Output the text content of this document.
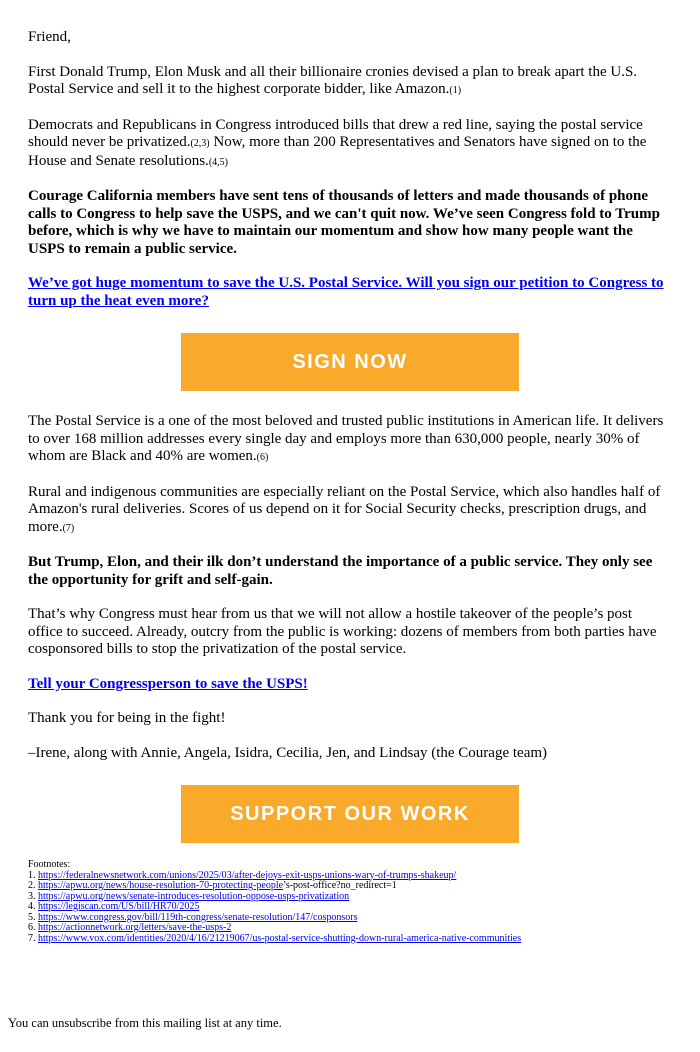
Friend,

First Donald Trump, Elon Musk and all their billionaire cronies devised a plan to break apart the U.S. Postal Service and sell it to the highest corporate bidder, like Amazon.(1)

Democrats and Republicans in Congress introduced bills that drew a red line, saying the postal service should never be privatized.(2,3) Now, more than 200 Representatives and Senators have signed on to the House and Senate resolutions.(4,5)

Courage California members have sent tens of thousands of letters and made thousands of phone calls to Congress to help save the USPS, and we can't quit now. We’ve seen Congress fold to Trump before, which is why we have to maintain our momentum and show how many people want the USPS to remain a public service.

We’ve got huge momentum to save the U.S. Postal Service. Will you sign our petition to Congress to turn up the heat even more?

SIGN NOW

The Postal Service is a one of the most beloved and trusted public institutions in American life. It delivers to over 168 million addresses every single day and employs more than 630,000 people, nearly 30% of whom are Black and 40% are women.(6)

Rural and indigenous communities are especially reliant on the Postal Service, which also handles half of Amazon's rural deliveries. Scores of us depend on it for Social Security checks, prescription drugs, and more.(7)

But Trump, Elon, and their ilk don’t understand the importance of a public service. They only see the opportunity for grift and self-gain.

That’s why Congress must hear from us that we will not allow a hostile takeover of the people’s post office to succeed. Already, outcry from the public is working: dozens of members from both parties have cosponsored bills to stop the privatization of the postal service.

Tell your Congressperson to save the USPS!

Thank you for being in the fight!

–Irene, along with Annie, Angela, Isidra, Cecilia, Jen, and Lindsay (the Courage team)

SUPPORT OUR WORK
Footnotes:
1. https://federalnewsnetwork.com/unions/2025/03/after-dejoys-exit-usps-unions-wary-of-trumps-shakeup/
2. https://apwu.org/news/house-resolution-70-protecting-people’s-post-office?no_redirect=1
3. https://apwu.org/news/senate-introduces-resolution-oppose-usps-privatization
4. https://legiscan.com/US/bill/HR70/2025
5. https://www.congress.gov/bill/119th-congress/senate-resolution/147/cosponsors
6. https://actionnetwork.org/letters/save-the-usps-2
7. https://www.vox.com/identities/2020/4/16/21219067/us-postal-service-shutting-down-rural-america-native-communities
You can unsubscribe from this mailing list at any time.
